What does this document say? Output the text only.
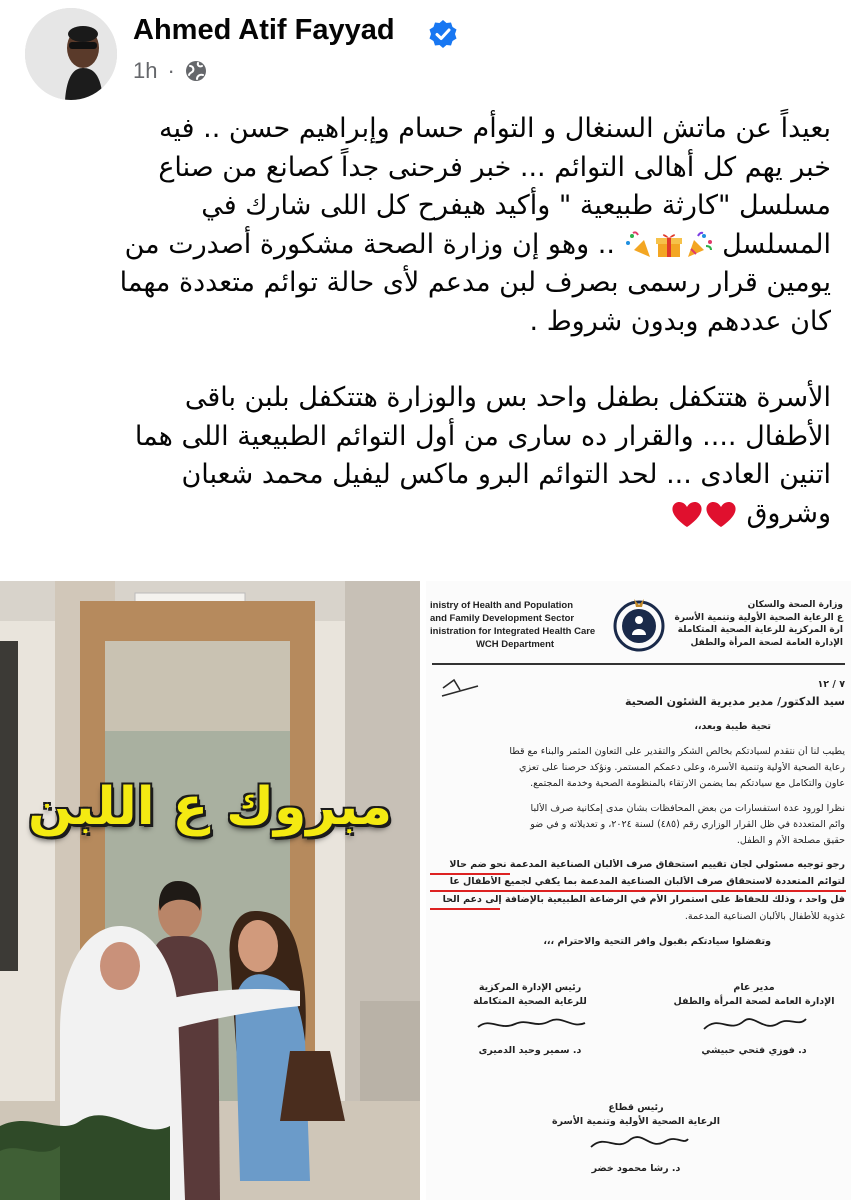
Ahmed Atif Fayyad
1h ·

بعيداً عن ماتش السنغال و التوأم حسام وإبراهيم حسن .. فيه
خبر يهم كل أهالى التوائم ... خبر فرحنى جداً كصانع من صناع
مسلسل "كارثة طبيعية " وأكيد هيفرح كل اللى شارك في
المسلسل  .. وهو إن وزارة الصحة مشكورة أصدرت من
يومين قرار رسمى بصرف لبن مدعم لأى حالة توائم متعددة مهما
كان عددهم وبدون شروط .

الأسرة هتتكفل بطفل واحد بس والوزارة هتتكفل بلبن باقى
الأطفال .... والقرار ده سارى من أول التوائم الطبيعية اللى هما
اتنين العادى ... لحد التوائم البرو ماكس ليفيل محمد شعبان
وشروق

مبروك ع اللبن
inistry of Health and Population
and Family Development Sector
inistration for Integrated Health Care
WCH Department
وزارة الصحة والسكان
ع الرعاية الصحية الأولية وتنمية الأسرة
ارة المركزية للرعاية الصحية المتكاملة
الإدارة العامة لصحة المرأة والطفل
٧ / ١٢
سيد الدكتور/ مدير مديرية الشئون الصحية
تحية طيبة وبعد،،
يطيب لنا أن نتقدم لسيادتكم بخالص الشكر والتقدير على التعاون المثمر والبناء مع قطا
رعاية الصحية الأولية وتنمية الأسرة، وعلى دعمكم المستمر. ونؤكد حرصنا على تعزي
عاون والتكامل مع سيادتكم بما يضمن الارتقاء بالمنظومة الصحية وخدمة المجتمع.
نظرا لورود عدة استفسارات من بعض المحافظات بشأن مدى إمكانية صرف الألبا
وائم المتعددة في ظل القرار الوزاري رقم (٤٨٥) لسنة ٢٠٢٤، و تعديلاته و في ضو
حقيق مصلحة الأم و الطفل.
رجو توجيه مسئولي لجان تقييم استحقاق صرف الألبان الصناعية المدعمة نحو ضم حالا
لتوائم المتعددة لاستحقاق صرف الألبان الصناعية المدعمة بما يكفي لجميع الأطفال عا
فل واحد ، وذلك للحفاظ على استمرار الأم في الرضاعة الطبيعية بالإضافة إلى دعم الحا
غذوية للأطفال بالألبان الصناعية المدعمة.
وتفضلوا سيادتكم بقبول وافر التحية والاحترام ،،،
مدير عام
الإدارة العامة لصحة المرأة والطفل
د. فوزي فتحي حبيشي
رئيس الإدارة المركزية
للرعاية الصحية المتكاملة
د. سمير وحيد الدميرى
رئيس قطاع
الرعاية الصحية الأولية وتنمية الأسرة
د. رشا محمود خضر
